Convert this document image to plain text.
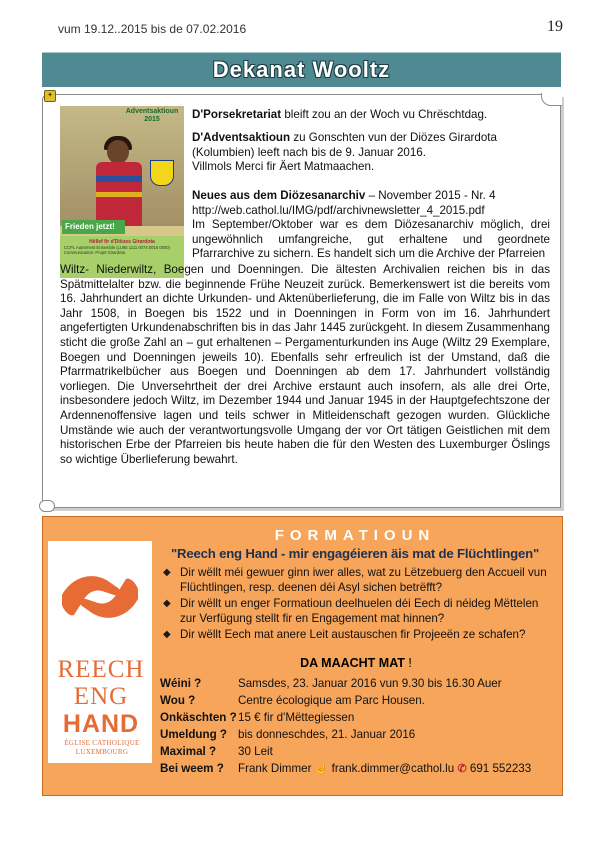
vum 19.12..2015 bis de 07.02.2016	19
Dekanat Wooltz
✦
Adventsaktioun 2015
Frieden jetzt!
Hëllef fir d'Diözes Girardota
CCPL Autrement Ensemble (LU65 1111 0074 0016 0000) Communication: Projet Girardota
D'Porsekretariat bleift zou an der Woch vu Chrëschtdag.
D'Adventsaktioun zu Gonschten vun der Diözes Girardota (Kolumbien) leeft nach bis de 9. Januar 2016.
Villmols Merci fir Äert Matmaachen.
Neues aus dem Diözesanarchiv – November 2015 - Nr. 4
http://web.cathol.lu/IMG/pdf/archivnewsletter_4_2015.pdf
Im September/Oktober war es dem Diözesanarchiv möglich, drei ungewöhnlich umfangreiche, gut erhaltene und geordnete Pfarrarchive zu sichern. Es handelt sich um die Archive der Pfarreien
Wiltz- Niederwiltz, Boegen und Doenningen. Die ältesten Archivalien reichen bis in das Spätmittelalter bzw. die beginnende Frühe Neuzeit zurück. Bemerkenswert ist die bereits vom 16. Jahrhundert an dichte Urkunden- und Aktenüberlieferung, die im Falle von Wiltz bis in das Jahr 1508, in Boegen bis 1522 und in Doenningen in Form von im 16. Jahrhundert angefertigten Urkundenabschriften bis in das Jahr 1445 zurückgeht. In diesem Zusammenhang sticht die große Zahl an – gut erhaltenen – Pergamenturkunden ins Auge (Wiltz 29 Exemplare, Boegen und Doenningen jeweils 10). Ebenfalls sehr erfreulich ist der Umstand, daß die Pfarrmatrikelbücher aus Boegen und Doenningen ab dem 17. Jahrhundert vollständig vorliegen. Die Unversehrtheit der drei Archive erstaunt auch insofern, als alle drei Orte, insbesondere jedoch Wiltz, im Dezember 1944 und Januar 1945 in der Hauptgefechtszone der Ardennenoffensive lagen und teils schwer in Mitleidenschaft gezogen wurden. Glückliche Umstände wie auch der verantwortungsvolle Umgang der vor Ort tätigen Geistlichen mit dem historischen Erbe der Pfarreien bis heute haben die für den Westen des Luxemburger Öslings so wichtige Überlieferung bewahrt.
REECH
ENG
HAND
ÉGLISE CATHOLIQUE LUXEMBOURG
FORMATIOUN
"Reech eng Hand - mir engagéieren äis mat de Flüchtlingen"
◆ Dir wëllt méi gewuer ginn iwer alles, wat zu Lëtzebuerg den Accueil vun Flüchtlingen, resp. deenen déi Asyl sichen betrëfft?
◆ Dir wëllt un enger Formatioun deelhuelen déi Eech di néideg Mëttelen zur Verfügung stellt fir en Engagement mat hinnen?
◆ Dir wëllt Eech mat anere Leit austauschen fir Projeeën ze schafen?
DA MAACHT MAT !
Wéini ?	Samsdes, 23. Januar 2016 vun 9.30 bis 16.30 Auer
Wou ?	Centre écologique am Parc Housen.
Onkäschten ?	15 € fir d'Mëttegiessen
Umeldung ?	bis donneschdes, 21. Januar 2016
Maximal ?	30 Leit
Bei weem ?	Frank Dimmer ☝ frank.dimmer@cathol.lu ✆ 691 552233
